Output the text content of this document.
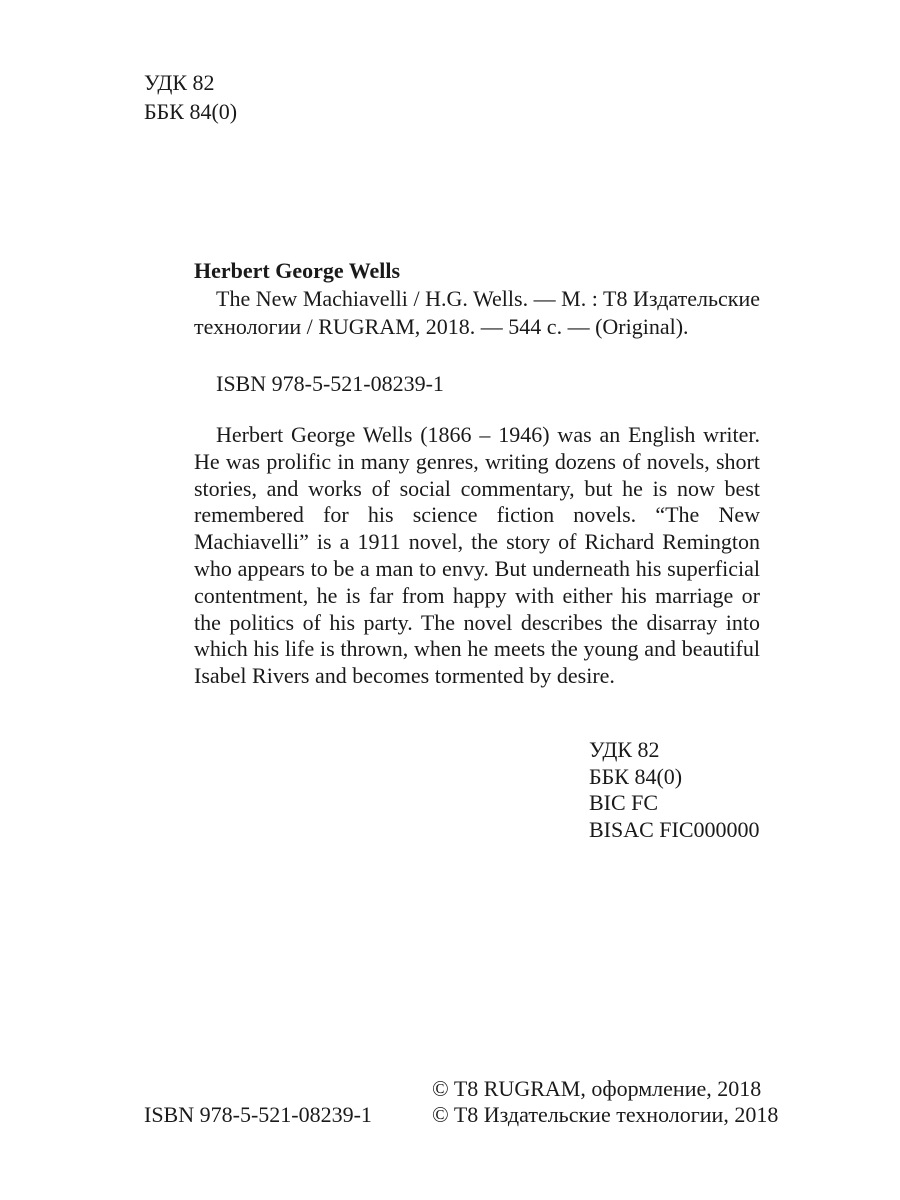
УДК 82
ББК 84(0)
Herbert George Wells

The New Machiavelli / H.G. Wells. — M. : T8 Издательские технологии / RUGRAM, 2018. — 544 с. — (Original).

ISBN 978-5-521-08239-1

Herbert George Wells (1866 – 1946) was an English writer. He was prolific in many genres, writing dozens of novels, short stories, and works of social commentary, but he is now best remembered for his science fiction novels. “The New Machiavelli” is a 1911 novel, the story of Richard Remington who appears to be a man to envy. But underneath his superficial contentment, he is far from happy with either his marriage or the politics of his party. The novel describes the disarray into which his life is thrown, when he meets the young and beautiful Isabel Rivers and becomes tormented by desire.

УДК 82
ББК 84(0)
BIC FC
BISAC FIC000000
ISBN 978-5-521-08239-1
© T8 RUGRAM, оформление, 2018
© T8 Издательские технологии, 2018
